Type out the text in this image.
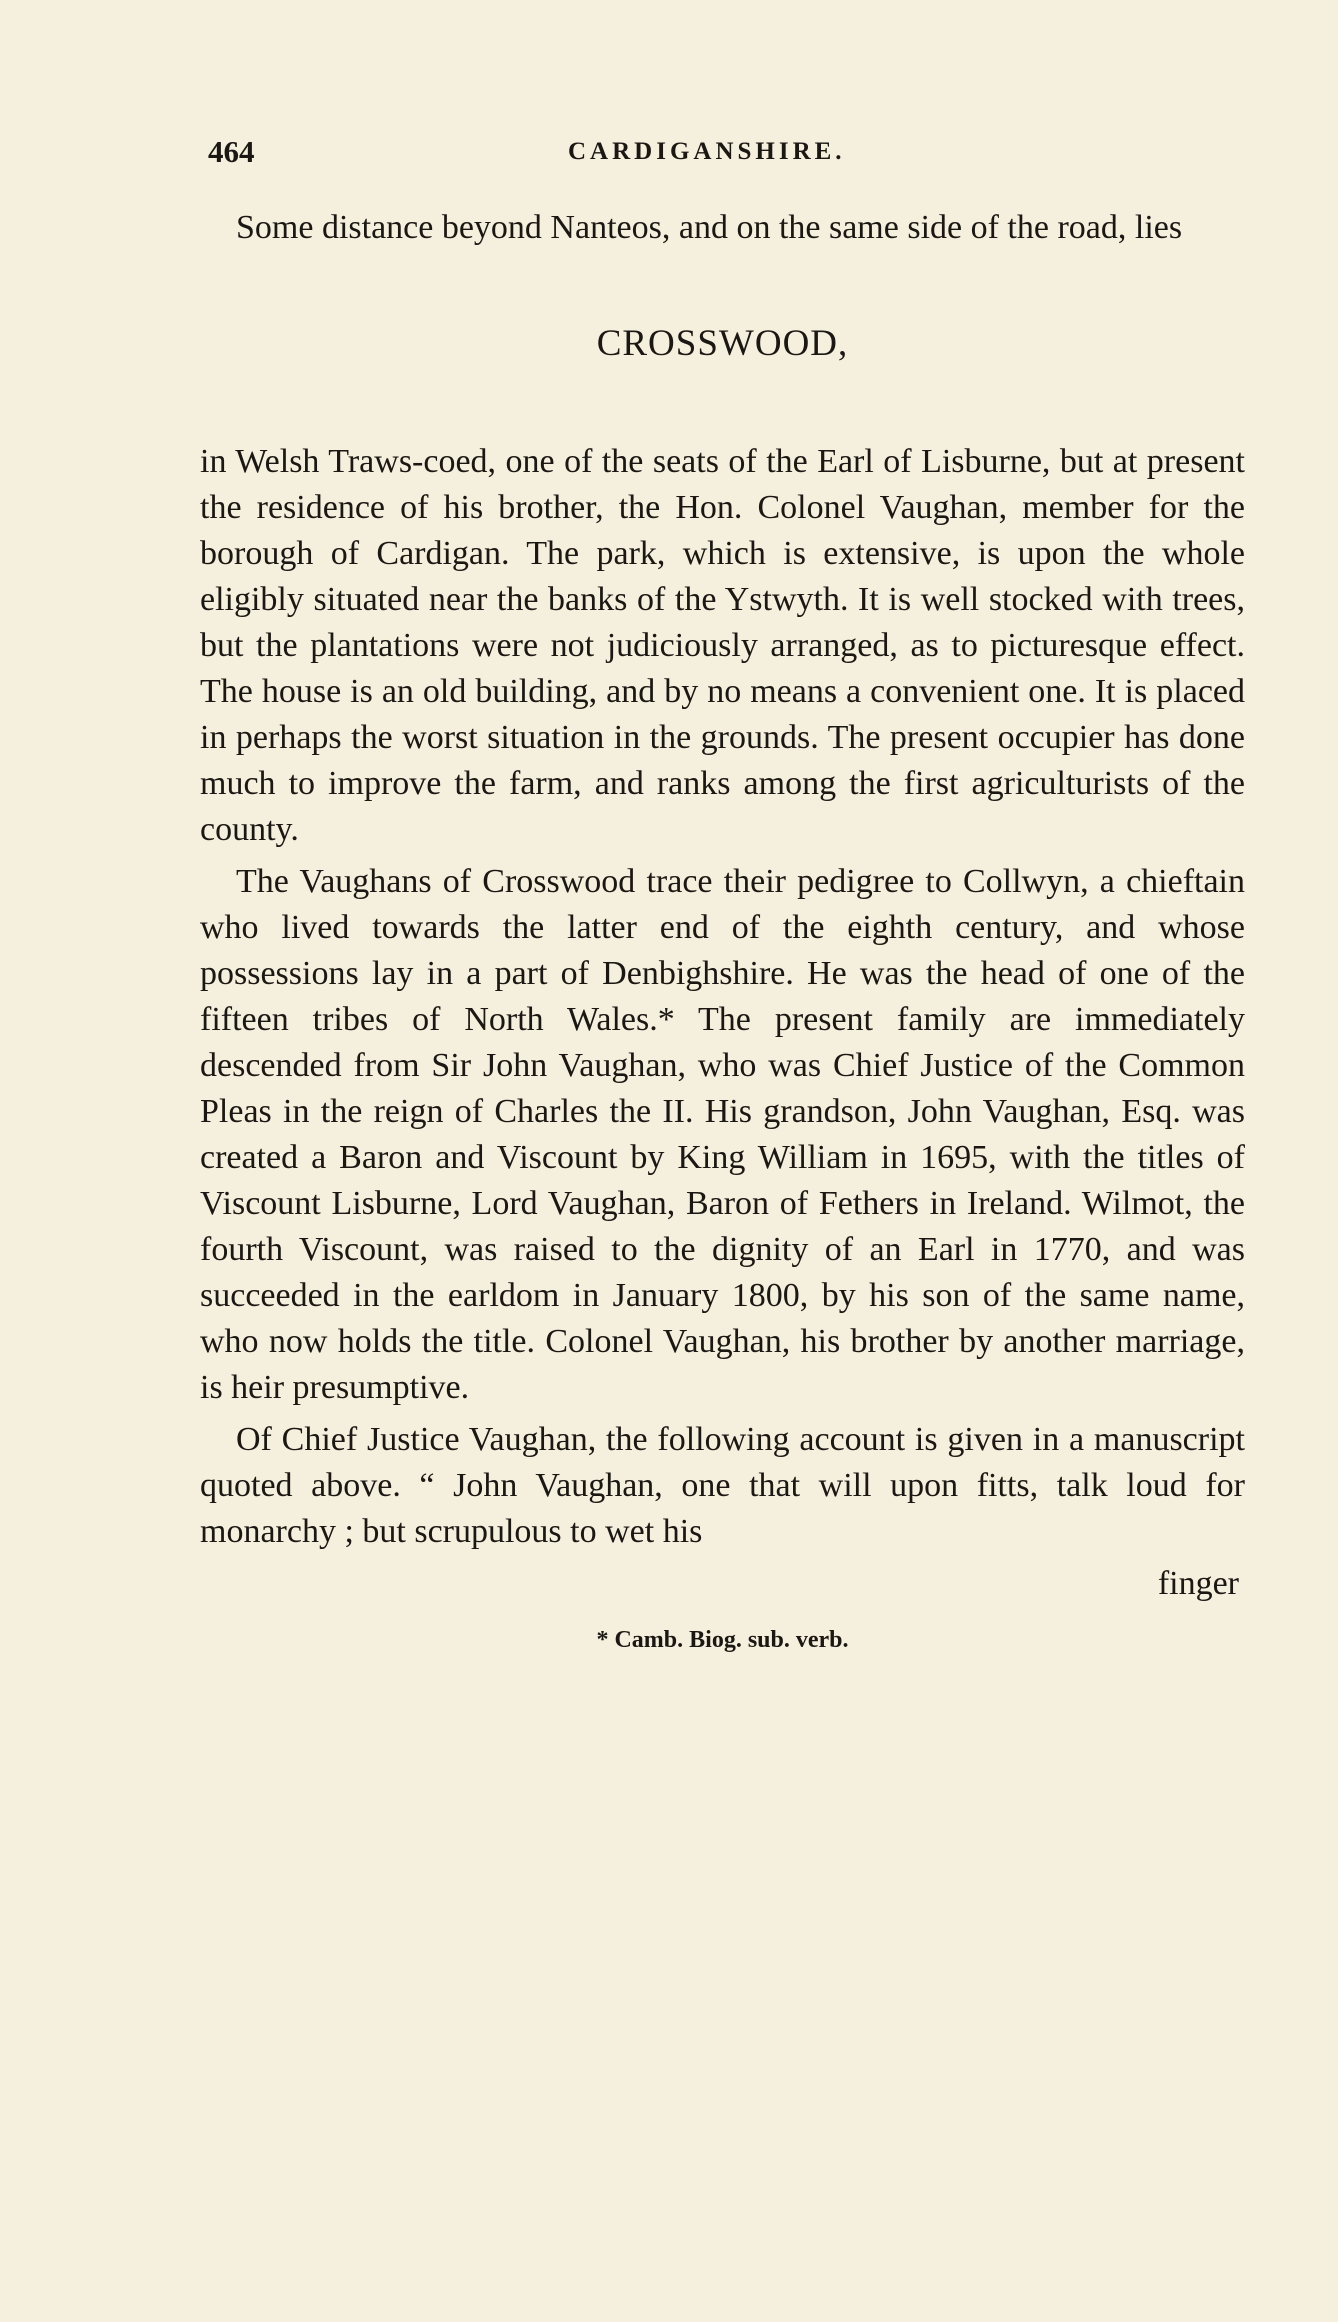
464	CARDIGANSHIRE.

Some distance beyond Nanteos, and on the same side of the road, lies

CROSSWOOD,

in Welsh Traws-coed, one of the seats of the Earl of Lisburne, but at present the residence of his brother, the Hon. Colonel Vaughan, member for the borough of Cardigan. The park, which is extensive, is upon the whole eligibly situated near the banks of the Ystwyth. It is well stocked with trees, but the plantations were not judiciously arranged, as to picturesque effect. The house is an old building, and by no means a convenient one. It is placed in perhaps the worst situation in the grounds. The present occupier has done much to improve the farm, and ranks among the first agriculturists of the county.

The Vaughans of Crosswood trace their pedigree to Collwyn, a chieftain who lived towards the latter end of the eighth century, and whose possessions lay in a part of Denbighshire. He was the head of one of the fifteen tribes of North Wales.* The present family are immediately descended from Sir John Vaughan, who was Chief Justice of the Common Pleas in the reign of Charles the II. His grandson, John Vaughan, Esq. was created a Baron and Viscount by King William in 1695, with the titles of Viscount Lisburne, Lord Vaughan, Baron of Fethers in Ireland. Wilmot, the fourth Viscount, was raised to the dignity of an Earl in 1770, and was succeeded in the earldom in January 1800, by his son of the same name, who now holds the title. Colonel Vaughan, his brother by another marriage, is heir presumptive.

Of Chief Justice Vaughan, the following account is given in a manuscript quoted above. “ John Vaughan, one that will upon fitts, talk loud for monarchy ; but scrupulous to wet his

finger

* Camb. Biog. sub. verb.
